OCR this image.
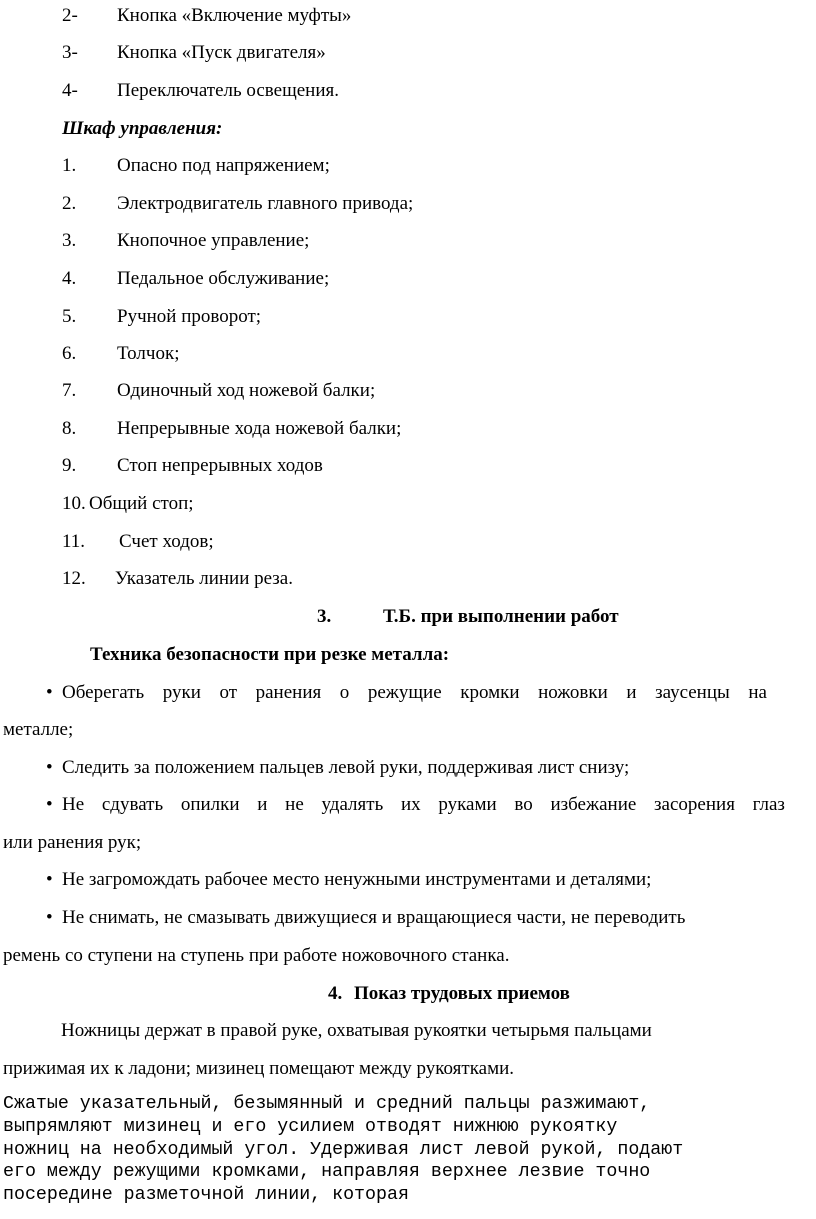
2- Кнопка «Включение муфты»
3- Кнопка «Пуск двигателя»
4- Переключатель освещения.
Шкаф управления:
1. Опасно под напряжением;
2. Электродвигатель главного привода;
3. Кнопочное управление;
4. Педальное обслуживание;
5. Ручной проворот;
6. Толчок;
7. Одиночный ход ножевой балки;
8. Непрерывные хода ножевой балки;
9. Стоп непрерывных ходов
10. Общий стоп;
11. Счет ходов;
12. Указатель линии реза.
3.	Т.Б. при выполнении работ
Техника безопасности при резке металла:
• Оберегать руки от ранения о режущие кромки ножовки и заусенцы на
металле;
• Следить за положением пальцев левой руки, поддерживая лист снизу;
• Не сдувать опилки и не удалять их руками во избежание засорения глаз
или ранения рук;
• Не загромождать рабочее место ненужными инструментами и деталями;
• Не снимать, не смазывать движущиеся и вращающиеся части, не переводить
ремень со ступени на ступень при работе ножовочного станка.
4. Показ трудовых приемов
Ножницы держат в правой руке, охватывая рукоятки четырьмя пальцами
прижимая их к ладони; мизинец помещают между рукоятками.
Сжатые указательный, безымянный и средний пальцы разжимают,
выпрямляют мизинец и его усилием отводят нижнюю рукоятку
ножниц на необходимый угол. Удерживая лист левой рукой, подают
его между режущими кромками, направляя верхнее лезвие точно
посередине разметочной линии, которая
